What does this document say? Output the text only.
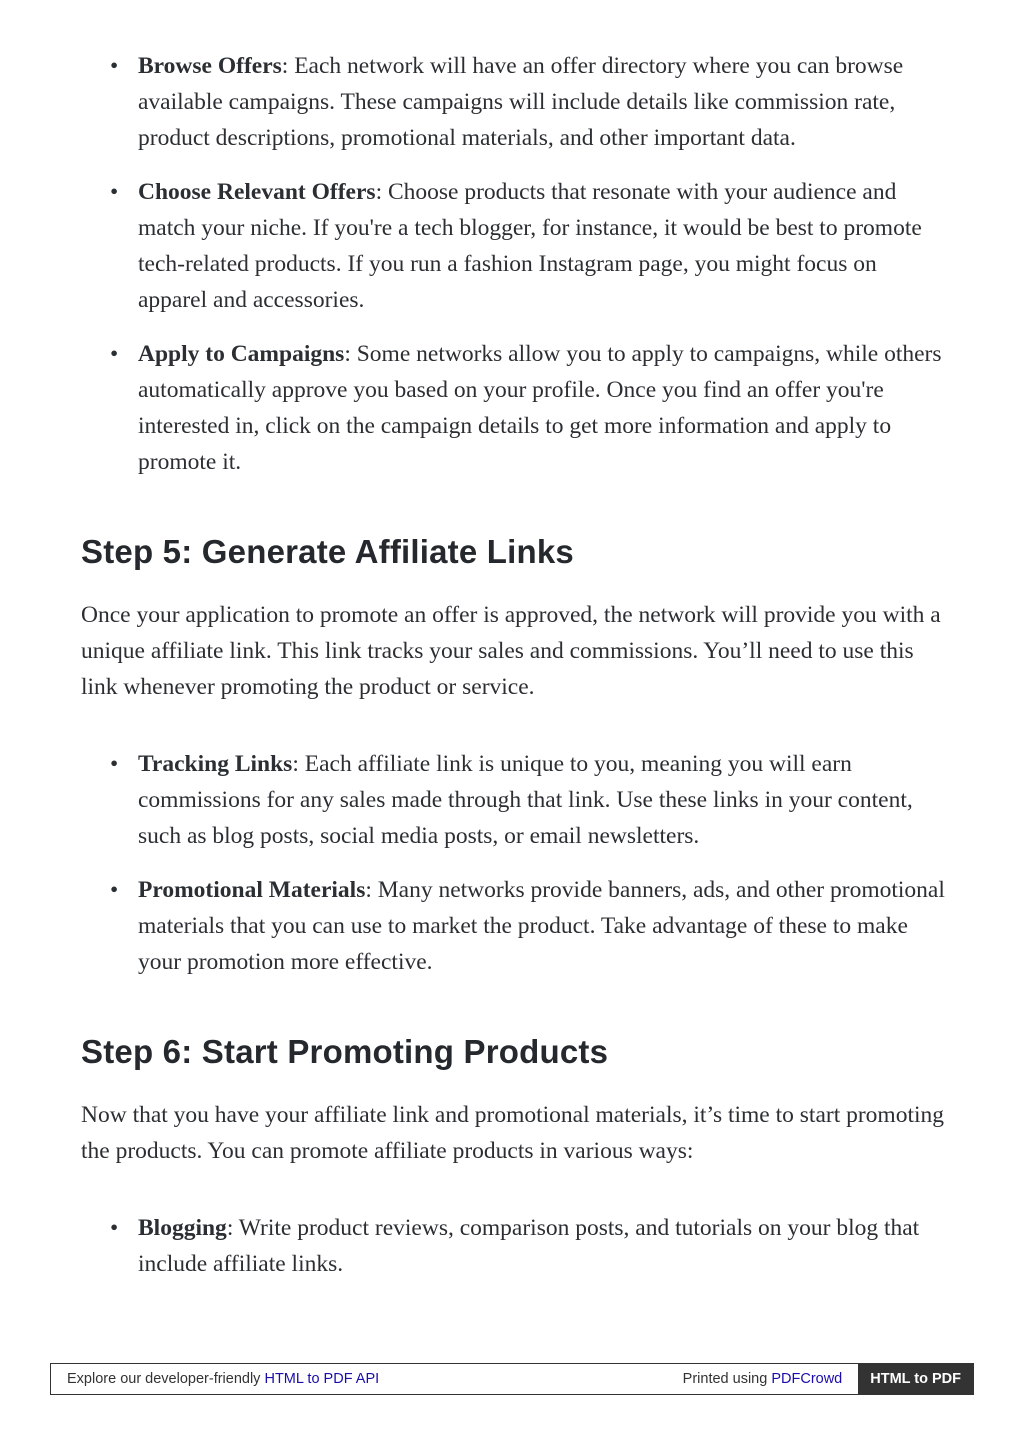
• Browse Offers: Each network will have an offer directory where you can browse available campaigns. These campaigns will include details like commission rate, product descriptions, promotional materials, and other important data.
• Choose Relevant Offers: Choose products that resonate with your audience and match your niche. If you're a tech blogger, for instance, it would be best to promote tech-related products. If you run a fashion Instagram page, you might focus on apparel and accessories.
• Apply to Campaigns: Some networks allow you to apply to campaigns, while others automatically approve you based on your profile. Once you find an offer you're interested in, click on the campaign details to get more information and apply to promote it.
Step 5: Generate Affiliate Links

Once your application to promote an offer is approved, the network will provide you with a unique affiliate link. This link tracks your sales and commissions. You’ll need to use this link whenever promoting the product or service.

• Tracking Links: Each affiliate link is unique to you, meaning you will earn commissions for any sales made through that link. Use these links in your content, such as blog posts, social media posts, or email newsletters.
• Promotional Materials: Many networks provide banners, ads, and other promotional materials that you can use to market the product. Take advantage of these to make your promotion more effective.
Step 6: Start Promoting Products

Now that you have your affiliate link and promotional materials, it’s time to start promoting the products. You can promote affiliate products in various ways:

• Blogging: Write product reviews, comparison posts, and tutorials on your blog that include affiliate links.
Explore our developer-friendly HTML to PDF API	Printed using PDFCrowd	HTML to PDF
